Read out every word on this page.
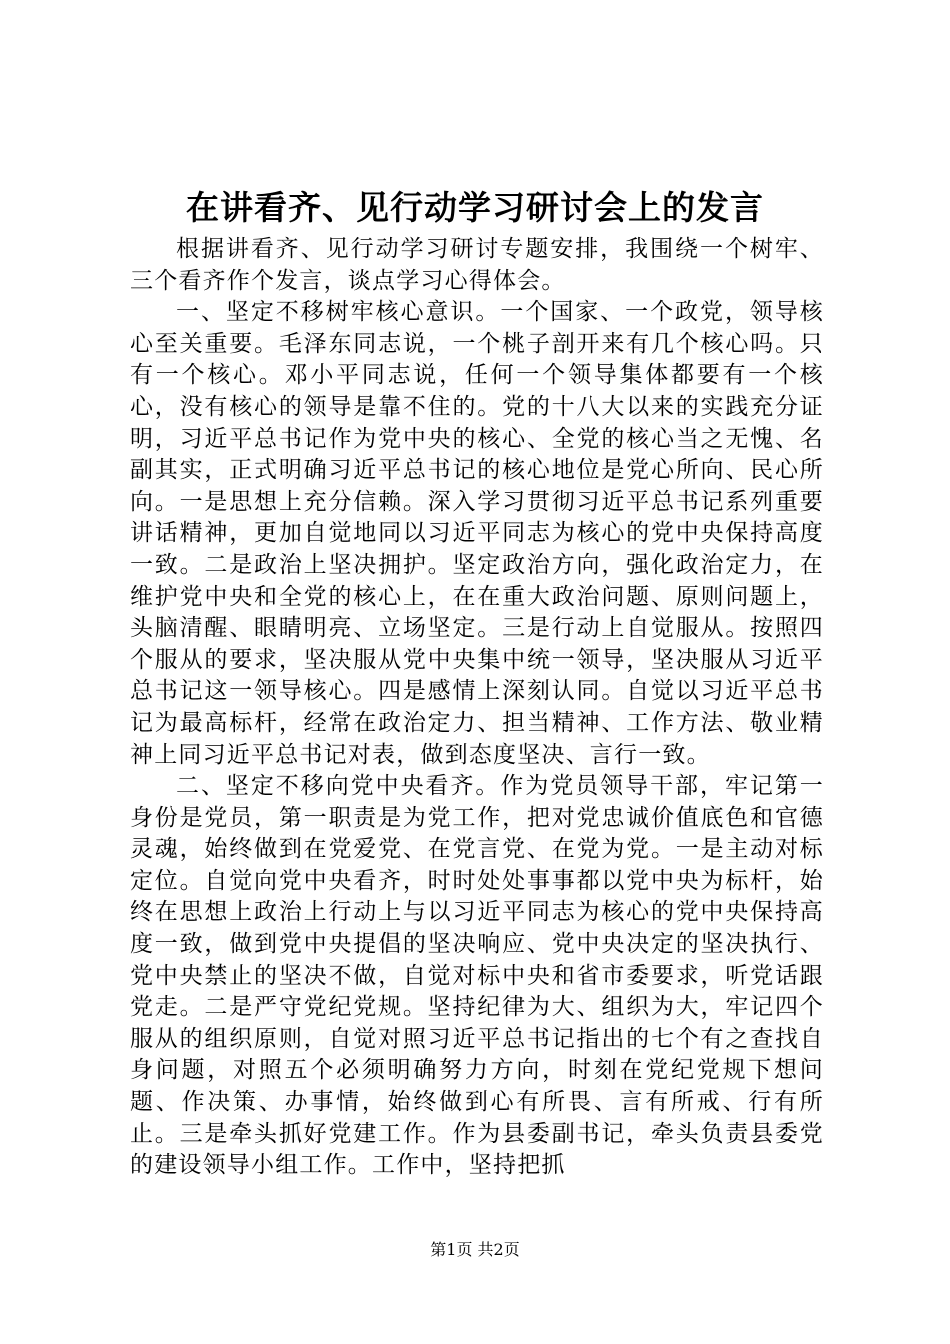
在讲看齐、见行动学习研讨会上的发言

根据讲看齐、见行动学习研讨专题安排，我围绕一个树牢、三个看齐作个发言，谈点学习心得体会。

一、坚定不移树牢核心意识。一个国家、一个政党，领导核心至关重要。毛泽东同志说，一个桃子剖开来有几个核心吗。只有一个核心。邓小平同志说，任何一个领导集体都要有一个核心，没有核心的领导是靠不住的。党的十八大以来的实践充分证明，习近平总书记作为党中央的核心、全党的核心当之无愧、名副其实，正式明确习近平总书记的核心地位是党心所向、民心所向。一是思想上充分信赖。深入学习贯彻习近平总书记系列重要讲话精神，更加自觉地同以习近平同志为核心的党中央保持高度一致。二是政治上坚决拥护。坚定政治方向，强化政治定力，在维护党中央和全党的核心上，在在重大政治问题、原则问题上，头脑清醒、眼睛明亮、立场坚定。三是行动上自觉服从。按照四个服从的要求，坚决服从党中央集中统一领导，坚决服从习近平总书记这一领导核心。四是感情上深刻认同。自觉以习近平总书记为最高标杆，经常在政治定力、担当精神、工作方法、敬业精神上同习近平总书记对表，做到态度坚决、言行一致。

二、坚定不移向党中央看齐。作为党员领导干部，牢记第一身份是党员，第一职责是为党工作，把对党忠诚价值底色和官德灵魂，始终做到在党爱党、在党言党、在党为党。一是主动对标定位。自觉向党中央看齐，时时处处事事都以党中央为标杆，始终在思想上政治上行动上与以习近平同志为核心的党中央保持高度一致，做到党中央提倡的坚决响应、党中央决定的坚决执行、党中央禁止的坚决不做，自觉对标中央和省市委要求，听党话跟党走。二是严守党纪党规。坚持纪律为大、组织为大，牢记四个服从的组织原则，自觉对照习近平总书记指出的七个有之查找自身问题，对照五个必须明确努力方向，时刻在党纪党规下想问题、作决策、办事情，始终做到心有所畏、言有所戒、行有所止。三是牵头抓好党建工作。作为县委副书记，牵头负责县委党的建设领导小组工作。工作中，坚持把抓

第1页 共2页
